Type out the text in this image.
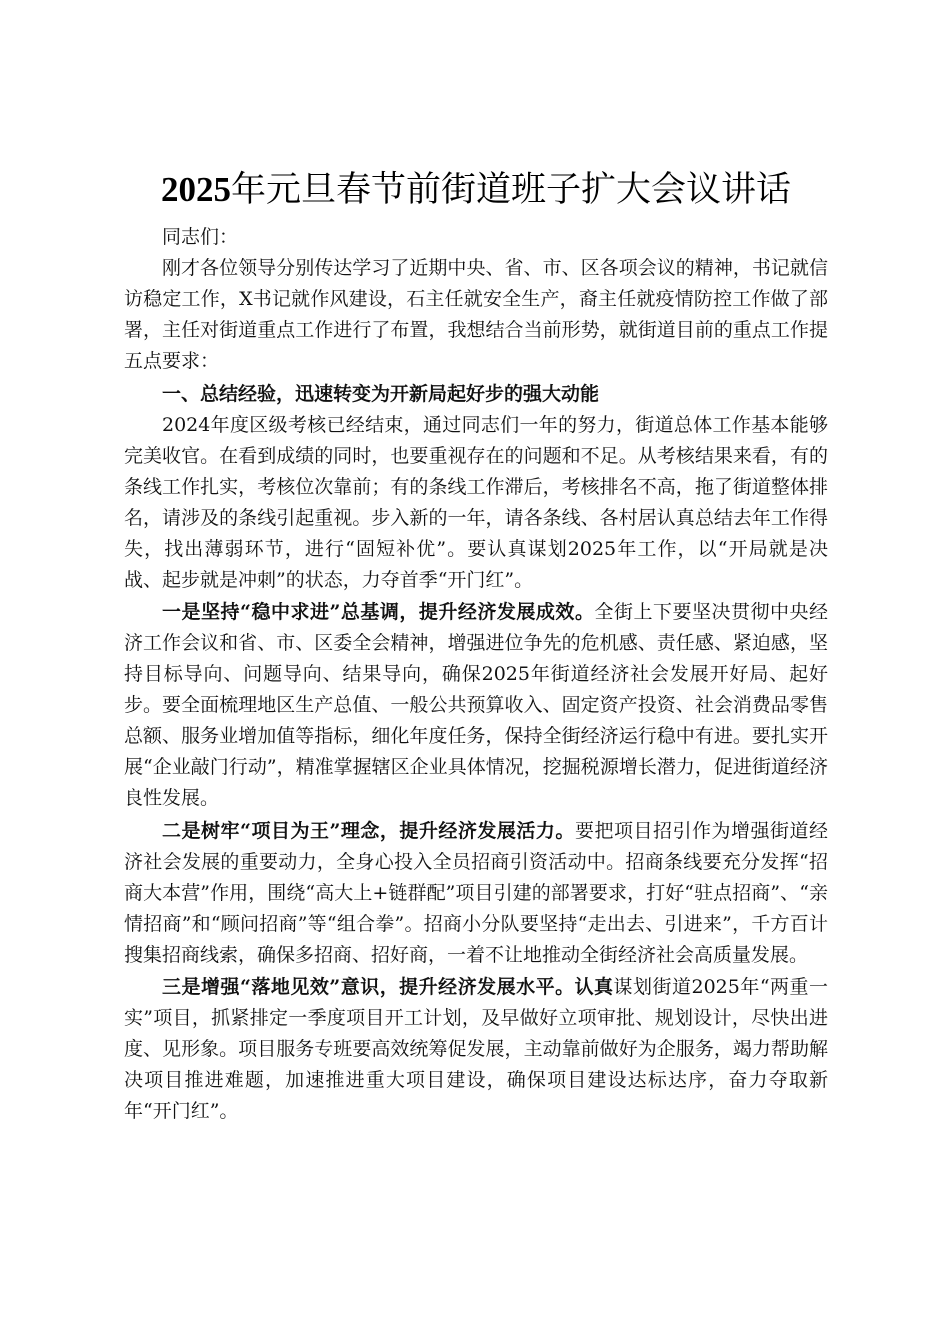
2025年元旦春节前街道班子扩大会议讲话

同志们：

刚才各位领导分别传达学习了近期中央、省、市、区各项会议的精神，书记就信访稳定工作，X书记就作风建设，石主任就安全生产，裔主任就疫情防控工作做了部署，主任对街道重点工作进行了布置，我想结合当前形势，就街道目前的重点工作提五点要求：

一、总结经验，迅速转变为开新局起好步的强大动能

2024年度区级考核已经结束，通过同志们一年的努力，街道总体工作基本能够完美收官。在看到成绩的同时，也要重视存在的问题和不足。从考核结果来看，有的条线工作扎实，考核位次靠前；有的条线工作滞后，考核排名不高，拖了街道整体排名，请涉及的条线引起重视。步入新的一年，请各条线、各村居认真总结去年工作得失，找出薄弱环节，进行“固短补优”。要认真谋划2025年工作，以“开局就是决战、起步就是冲刺”的状态，力夺首季“开门红”。

一是坚持“稳中求进”总基调，提升经济发展成效。全街上下要坚决贯彻中央经济工作会议和省、市、区委全会精神，增强进位争先的危机感、责任感、紧迫感，坚持目标导向、问题导向、结果导向，确保2025年街道经济社会发展开好局、起好步。要全面梳理地区生产总值、一般公共预算收入、固定资产投资、社会消费品零售总额、服务业增加值等指标，细化年度任务，保持全街经济运行稳中有进。要扎实开展“企业敲门行动”，精准掌握辖区企业具体情况，挖掘税源增长潜力，促进街道经济良性发展。

二是树牢“项目为王”理念，提升经济发展活力。要把项目招引作为增强街道经济社会发展的重要动力，全身心投入全员招商引资活动中。招商条线要充分发挥“招商大本营”作用，围绕“高大上+链群配”项目引建的部署要求，打好“驻点招商”、“亲情招商”和“顾问招商”等“组合拳”。招商小分队要坚持“走出去、引进来”，千方百计搜集招商线索，确保多招商、招好商，一着不让地推动全街经济社会高质量发展。

三是增强“落地见效”意识，提升经济发展水平。认真谋划街道2025年“两重一实”项目，抓紧排定一季度项目开工计划，及早做好立项审批、规划设计，尽快出进度、见形象。项目服务专班要高效统筹促发展，主动靠前做好为企服务，竭力帮助解决项目推进难题，加速推进重大项目建设，确保项目建设达标达序，奋力夺取新年“开门红”。
